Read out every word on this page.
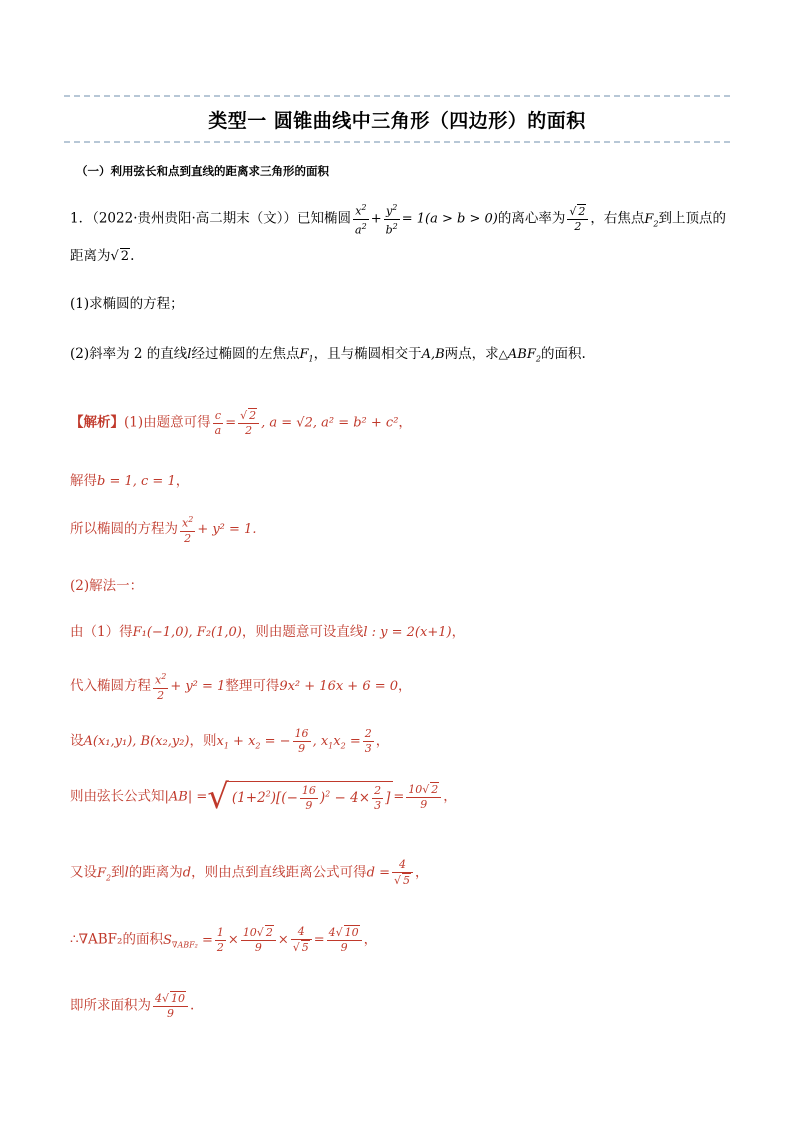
类型一 圆锥曲线中三角形（四边形）的面积
（一）利用弦长和点到直线的距离求三角形的面积
1．（2022·贵州贵阳·高二期末（文））已知椭圆 $\frac{x^2}{a^2} + \frac{y^2}{b^2} = 1(a > b > 0)$的离心率为 $\frac{√ 2}{2}$ ，右焦点$F_2$到上顶点的
距离为√ 2.
(1)求椭圆的方程；
(2)斜率为 2 的直线l经过椭圆的左焦点$F_1$，且与椭圆相交于A,B两点，求$\triangle ABF_2$的面积.
【解析】(1)由题意可得 $\frac{c}{a} = \frac{√ 2}{2}$ , a = √2, a² = b² + c²，
解得b = 1, c = 1，
所以椭圆的方程为 $\frac{x^2}{2} + y^2 = 1$.
(2)解法一：
由（1）得F₁(−1,0), F₂(1,0)，则由题意可设直线l : y = 2(x+1)，
代入椭圆方程 $\frac{x^2}{2} + y^2 = 1$整理可得9x² + 16x + 6 = 0，
设A(x₁,y₁), B(x₂,y₂)，则$x_1 + x_2$ = − $\frac{16}{9}$ , $x_1x_2 = \frac{2}{3}$ ，
则由弦长公式知|AB| =√ $(1+2^2)[(- \frac{16}{9} )^2 - 4\times \frac{2}{3}$ ] = $\frac{10√ 2}{9}$ ，
又设$F_2$到l的距离为d，则由点到直线距离公式可得$d = \frac{4}{√ 5}$ ，
∴∇ABF₂的面积$S_{\nabla ABF_2} = \frac{1}{2} \times \frac{10√ 2}{9} \times \frac{4}{√ 5} = \frac{4√ 10}{9}$ ，
即所求面积为 $\frac{4√ 10}{9}$ .
